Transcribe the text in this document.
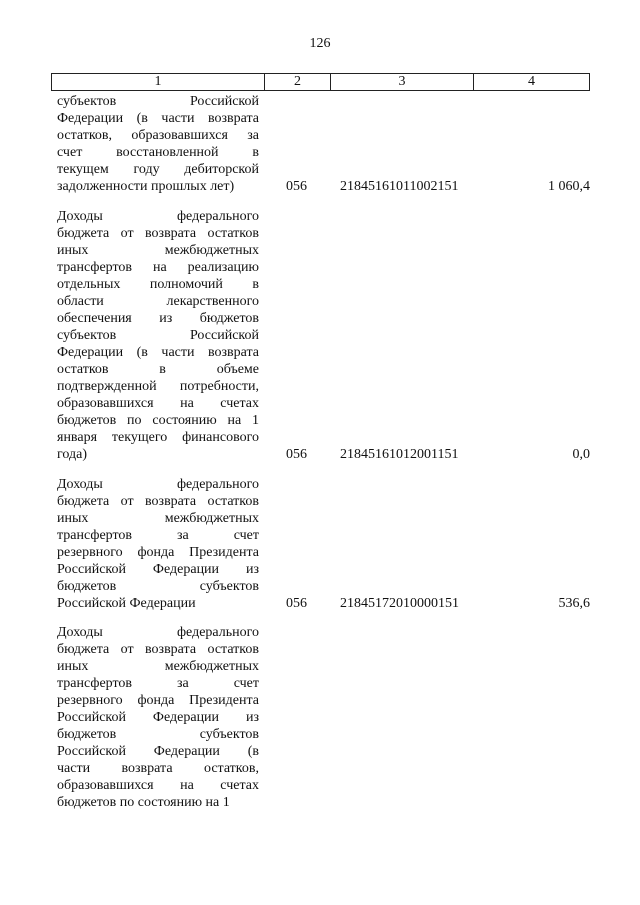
126
1	2	3	4
субъектов Российской
Федерации (в части возврата
остатков, образовавшихся за
счет восстановленной в
текущем году дебиторской
задолженности прошлых лет)	056	21845161011002151	1 060,4
Доходы федерального
бюджета от возврата остатков
иных межбюджетных
трансфертов на реализацию
отдельных полномочий в
области лекарственного
обеспечения из бюджетов
субъектов Российской
Федерации (в части возврата
остатков в объеме
подтвержденной потребности,
образовавшихся на счетах
бюджетов по состоянию на 1
января текущего финансового
года)	056	21845161012001151	0,0
Доходы федерального
бюджета от возврата остатков
иных межбюджетных
трансфертов за счет
резервного фонда Президента
Российской Федерации из
бюджетов субъектов
Российской Федерации	056	21845172010000151	536,6
Доходы федерального
бюджета от возврата остатков
иных межбюджетных
трансфертов за счет
резервного фонда Президента
Российской Федерации из
бюджетов субъектов
Российской Федерации (в
части возврата остатков,
образовавшихся на счетах
бюджетов по состоянию на 1
